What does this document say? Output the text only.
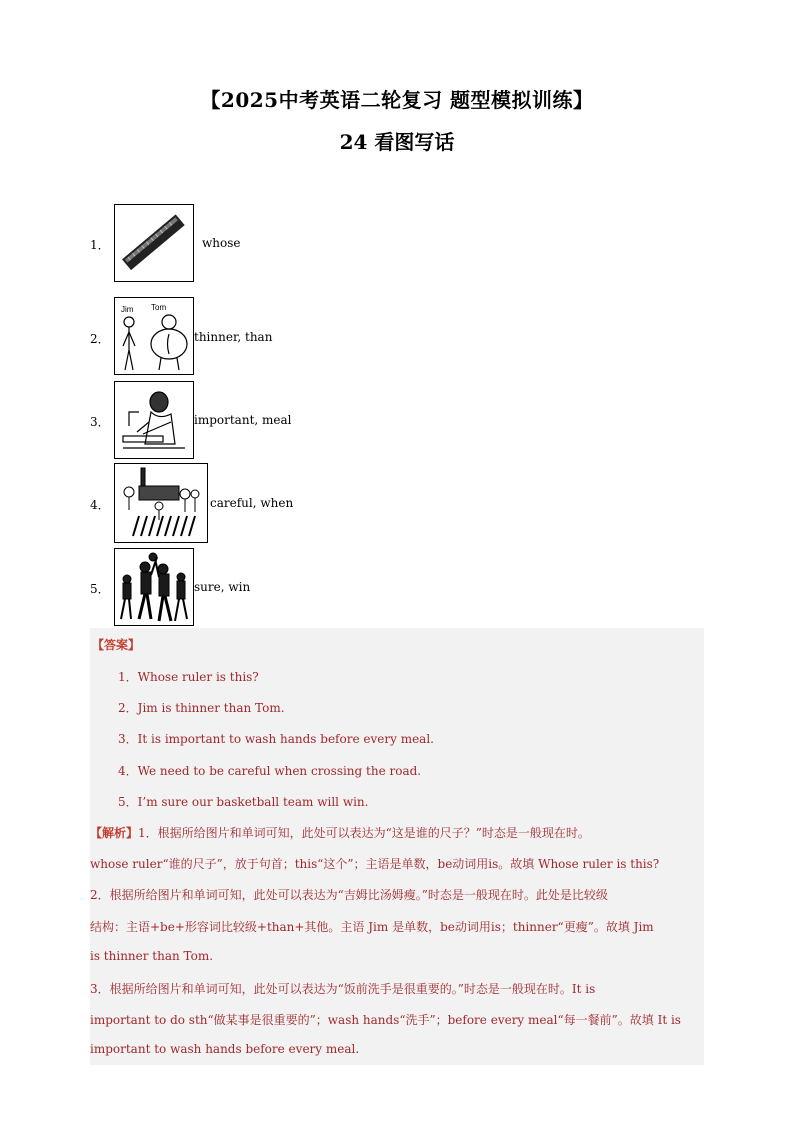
【2025中考英语二轮复习 题型模拟训练】
24 看图写话
1．	whose
2．
Jim Tom
thinner, than
3．	important, meal
4．	careful, when
5．	sure, win
【答案】
1．Whose ruler is this?
2．Jim is thinner than Tom.
3．It is important to wash hands before every meal.
4．We need to be careful when crossing the road.
5．I’m sure our basketball team will win.
【解析】1．根据所给图片和单词可知，此处可以表达为“这是谁的尺子？”时态是一般现在时。
whose ruler“谁的尺子”，放于句首；this“这个”；主语是单数，be动词用is。故填 Whose ruler is this?
2．根据所给图片和单词可知，此处可以表达为“吉姆比汤姆瘦。”时态是一般现在时。此处是比较级
结构：主语+be+形容词比较级+than+其他。主语 Jim 是单数，be动词用is；thinner“更瘦”。故填 Jim
is thinner than Tom.
3．根据所给图片和单词可知，此处可以表达为“饭前洗手是很重要的。”时态是一般现在时。It is
important to do sth“做某事是很重要的”；wash hands“洗手”；before every meal“每一餐前”。故填 It is
important to wash hands before every meal.
